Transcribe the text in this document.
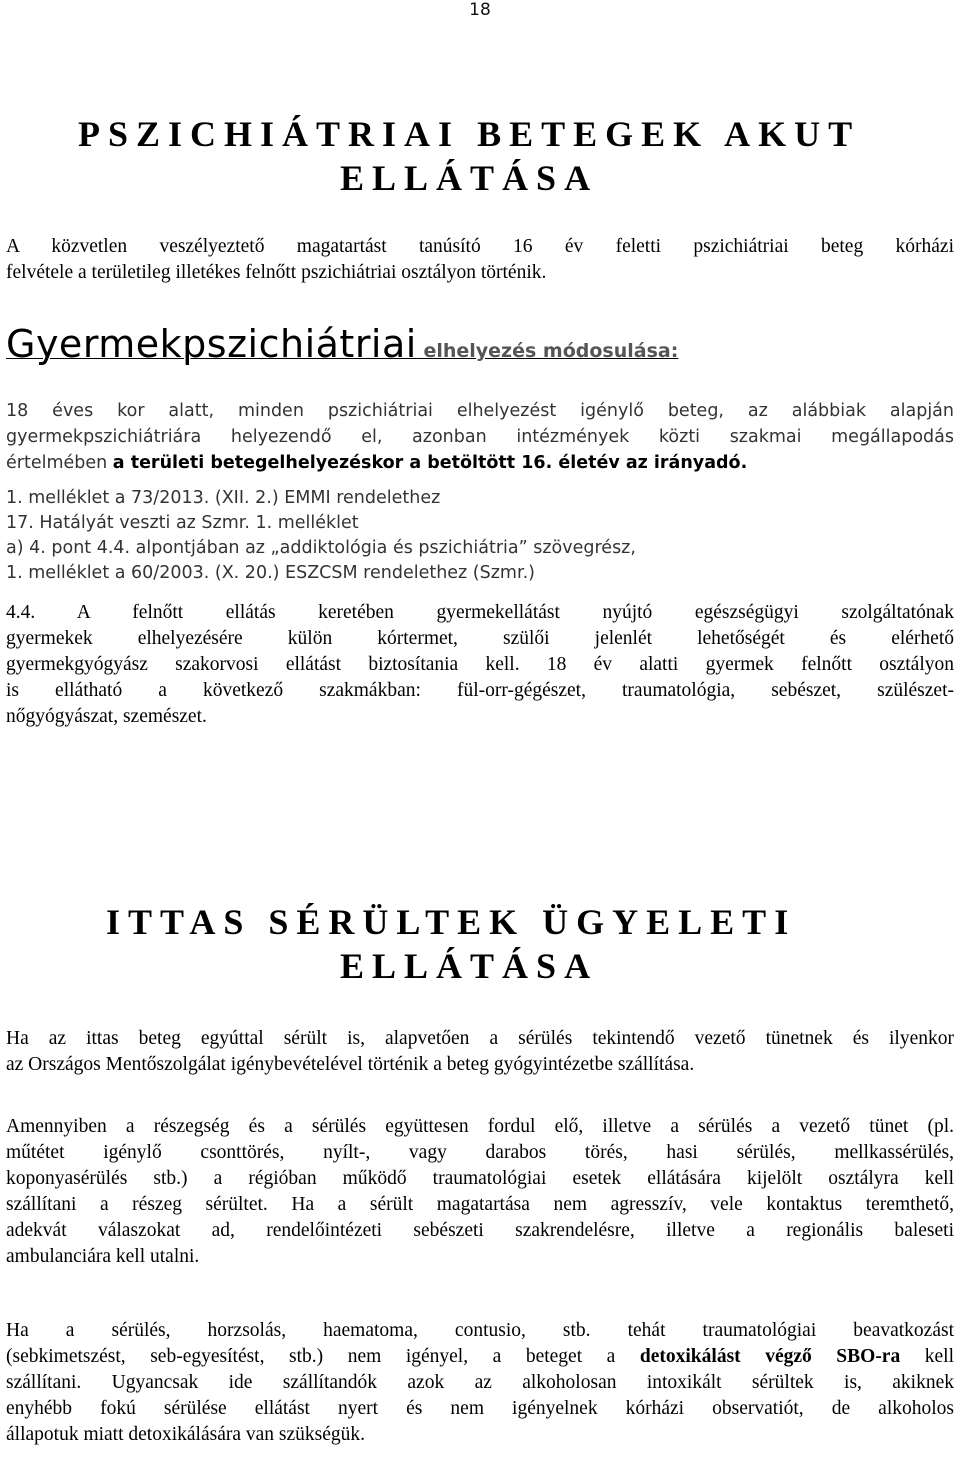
18
PSZICHIÁTRIAI BETEGEK AKUT
ELLÁTÁSA

A közvetlen veszélyeztető magatartást tanúsító 16 év feletti pszichiátriai beteg kórházi

felvétele a területileg illetékes felnőtt pszichiátriai osztályon történik.

Gyermekpszichiátriai elhelyezés módosulása:

18 éves kor alatt, minden pszichiátriai elhelyezést igénylő beteg, az alábbiak alapján

gyermekpszichiátriára helyezendő el, azonban intézmények közti szakmai megállapodás

értelmében a területi betegelhelyezéskor a betöltött 16. életév az irányadó.

1. melléklet a 73/2013. (XII. 2.) EMMI rendelethez

17. Hatályát veszti az Szmr. 1. melléklet

a) 4. pont 4.4. alpontjában az „addiktológia és pszichiátria” szövegrész,

1. melléklet a 60/2003. (X. 20.) ESZCSM rendelethez (Szmr.)

4.4. A felnőtt ellátás keretében gyermekellátást nyújtó egészségügyi szolgáltatónak

gyermekek elhelyezésére külön kórtermet, szülői jelenlét lehetőségét és elérhető

gyermekgyógyász szakorvosi ellátást biztosítania kell. 18 év alatti gyermek felnőtt osztályon

is ellátható a következő szakmákban: fül-orr-gégészet, traumatológia, sebészet, szülészet-

nőgyógyászat, szemészet.

ITTAS SÉRÜLTEK ÜGYELETI
ELLÁTÁSA

Ha az ittas beteg egyúttal sérült is, alapvetően a sérülés tekintendő vezető tünetnek és ilyenkor

az Országos Mentőszolgálat igénybevételével történik a beteg gyógyintézetbe szállítása.

Amennyiben a részegség és a sérülés együttesen fordul elő, illetve a sérülés a vezető tünet (pl.

műtétet igénylő csonttörés, nyílt-, vagy darabos törés, hasi sérülés, mellkassérülés,

koponyasérülés stb.) a régióban működő traumatológiai esetek ellátására kijelölt osztályra kell

szállítani a részeg sérültet. Ha a sérült magatartása nem agresszív, vele kontaktus teremthető,

adekvát válaszokat ad, rendelőintézeti sebészeti szakrendelésre, illetve a regionális baleseti

ambulanciára kell utalni.

Ha a sérülés, horzsolás, haematoma, contusio, stb. tehát traumatológiai beavatkozást

(sebkimetszést, seb-egyesítést, stb.) nem igényel, a beteget a detoxikálást végző SBO-ra kell

szállítani. Ugyancsak ide szállítandók azok az alkoholosan intoxikált sérültek is, akiknek

enyhébb fokú sérülése ellátást nyert és nem igényelnek kórházi observatiót, de alkoholos

állapotuk miatt detoxikálására van szükségük.
